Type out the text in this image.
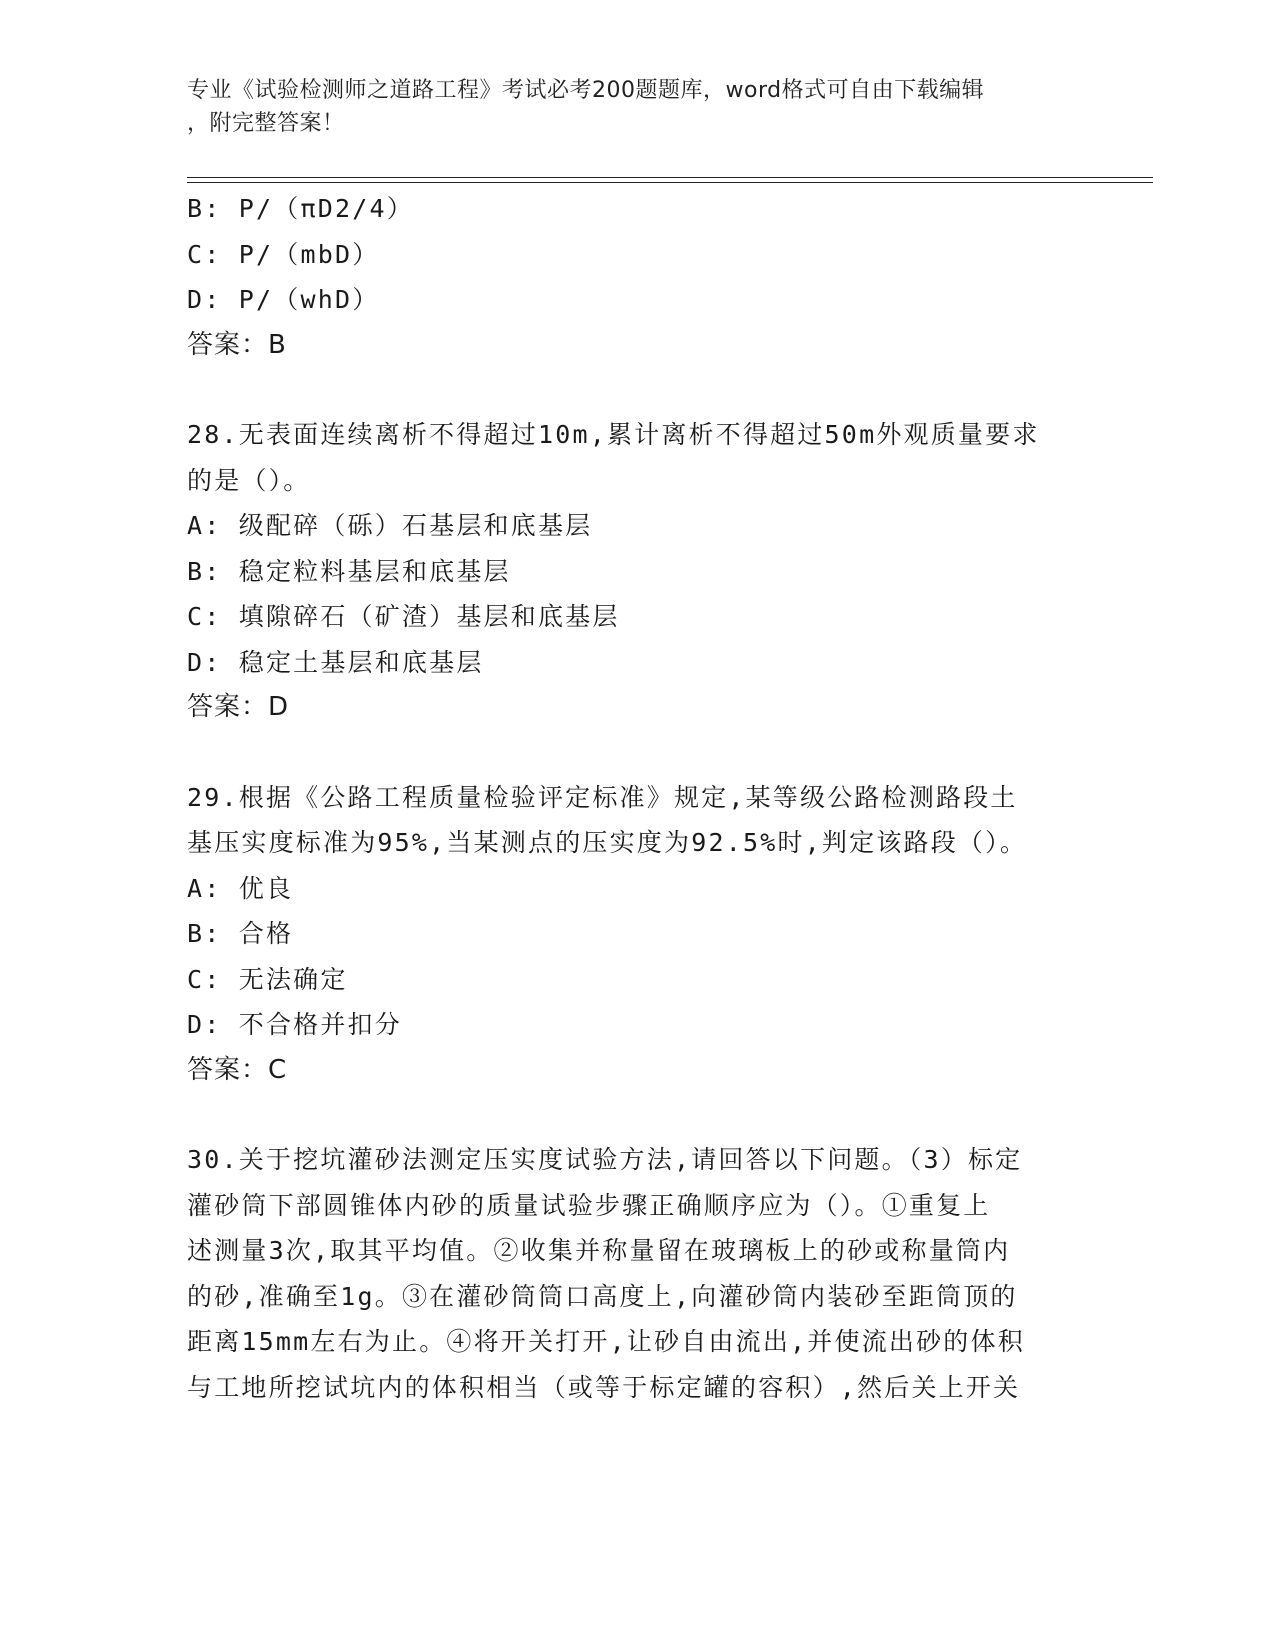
专业《试验检测师之道路工程》考试必考200题题库，word格式可自由下载编辑
，附完整答案！
B: P/（πD2/4）
C: P/（mbD）
D: P/（whD）
答案：B
28.无表面连续离析不得超过10m,累计离析不得超过50m外观质量要求
的是（）。
A: 级配碎（砾）石基层和底基层
B: 稳定粒料基层和底基层
C: 填隙碎石（矿渣）基层和底基层
D: 稳定土基层和底基层
答案：D
29.根据《公路工程质量检验评定标准》规定,某等级公路检测路段土
基压实度标准为95%,当某测点的压实度为92.5%时,判定该路段（）。
A: 优良
B: 合格
C: 无法确定
D: 不合格并扣分
答案：C
30.关于挖坑灌砂法测定压实度试验方法,请回答以下问题。（3）标定
灌砂筒下部圆锥体内砂的质量试验步骤正确顺序应为（）。①重复上
述测量3次,取其平均值。②收集并称量留在玻璃板上的砂或称量筒内
的砂,准确至1g。③在灌砂筒筒口高度上,向灌砂筒内装砂至距筒顶的
距离15mm左右为止。④将开关打开,让砂自由流出,并使流出砂的体积
与工地所挖试坑内的体积相当（或等于标定罐的容积）,然后关上开关
